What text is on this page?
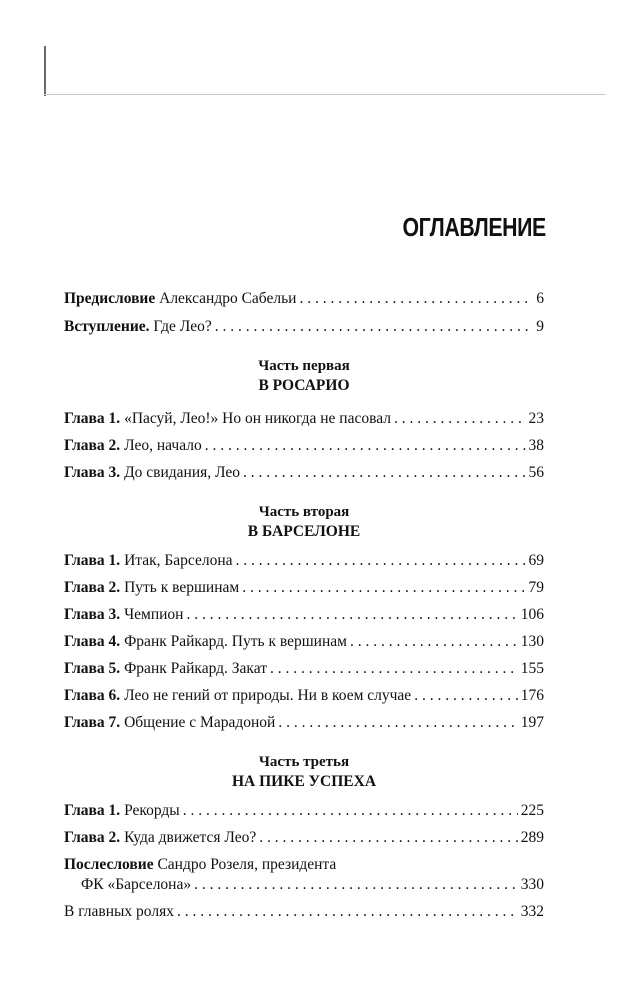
ОГЛАВЛЕНИЕ
Предисловие Александро Сабельи . . .	6
Вступление. Где Лео? . . .	9
Часть первая
В РОСАРИО
Глава 1. «Пасуй, Лео!» Но он никогда не пасовал . . .	23
Глава 2. Лео, начало . . .	38
Глава 3. До свидания, Лео . . .	56
Часть вторая
В БАРСЕЛОНЕ
Глава 1. Итак, Барселона . . .	69
Глава 2. Путь к вершинам . . .	79
Глава 3. Чемпион . . .	106
Глава 4. Франк Райкард. Путь к вершинам . . .	130
Глава 5. Франк Райкард. Закат . . .	155
Глава 6. Лео не гений от природы. Ни в коем случае . . .	176
Глава 7. Общение с Марадоной . . .	197
Часть третья
НА ПИКЕ УСПЕХА
Глава 1. Рекорды . . .	225
Глава 2. Куда движется Лео? . . .	289
Послесловие Сандро Розеля, президента
ФК «Барселона» . . .	330
В главных ролях . . .	332
